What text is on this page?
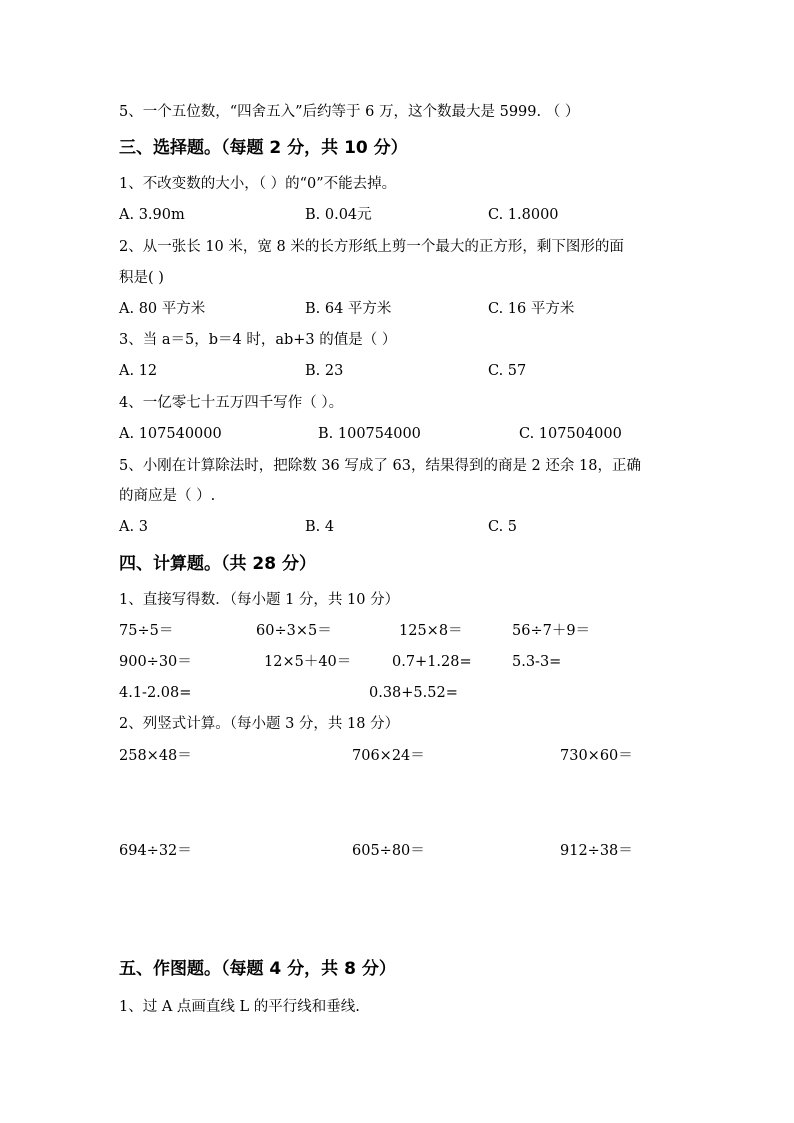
5、一个五位数，“四舍五入”后约等于 6 万，这个数最大是 5999. （ ）
三、选择题。（每题 2 分，共 10 分）
1、不改变数的大小，（ ）的“0”不能去掉。
A. 3.90m	B. 0.04元	C. 1.8000
2、从一张长 10 米，宽 8 米的长方形纸上剪一个最大的正方形，剩下图形的面
积是( )
A. 80 平方米	B. 64 平方米	C. 16 平方米
3、当 a＝5，b＝4 时，ab+3 的值是（ ）
A. 12	B. 23	C. 57
4、一亿零七十五万四千写作（ ）。
A. 107540000	B. 100754000	C. 107504000
5、小刚在计算除法时，把除数 36 写成了 63，结果得到的商是 2 还余 18，正确
的商应是（ ）.
A. 3	B. 4	C. 5
四、计算题。（共 28 分）
1、直接写得数．（每小题 1 分，共 10 分）
75÷5＝	60÷3×5＝	125×8＝	56÷7＋9＝
900÷30＝	12×5＋40＝	0.7+1.28=	5.3-3=
4.1-2.08=	0.38+5.52=
2、列竖式计算。（每小题 3 分，共 18 分）
258×48＝	706×24＝	730×60＝
694÷32＝	605÷80＝	912÷38＝
五、作图题。（每题 4 分，共 8 分）
1、过 A 点画直线 L 的平行线和垂线.
